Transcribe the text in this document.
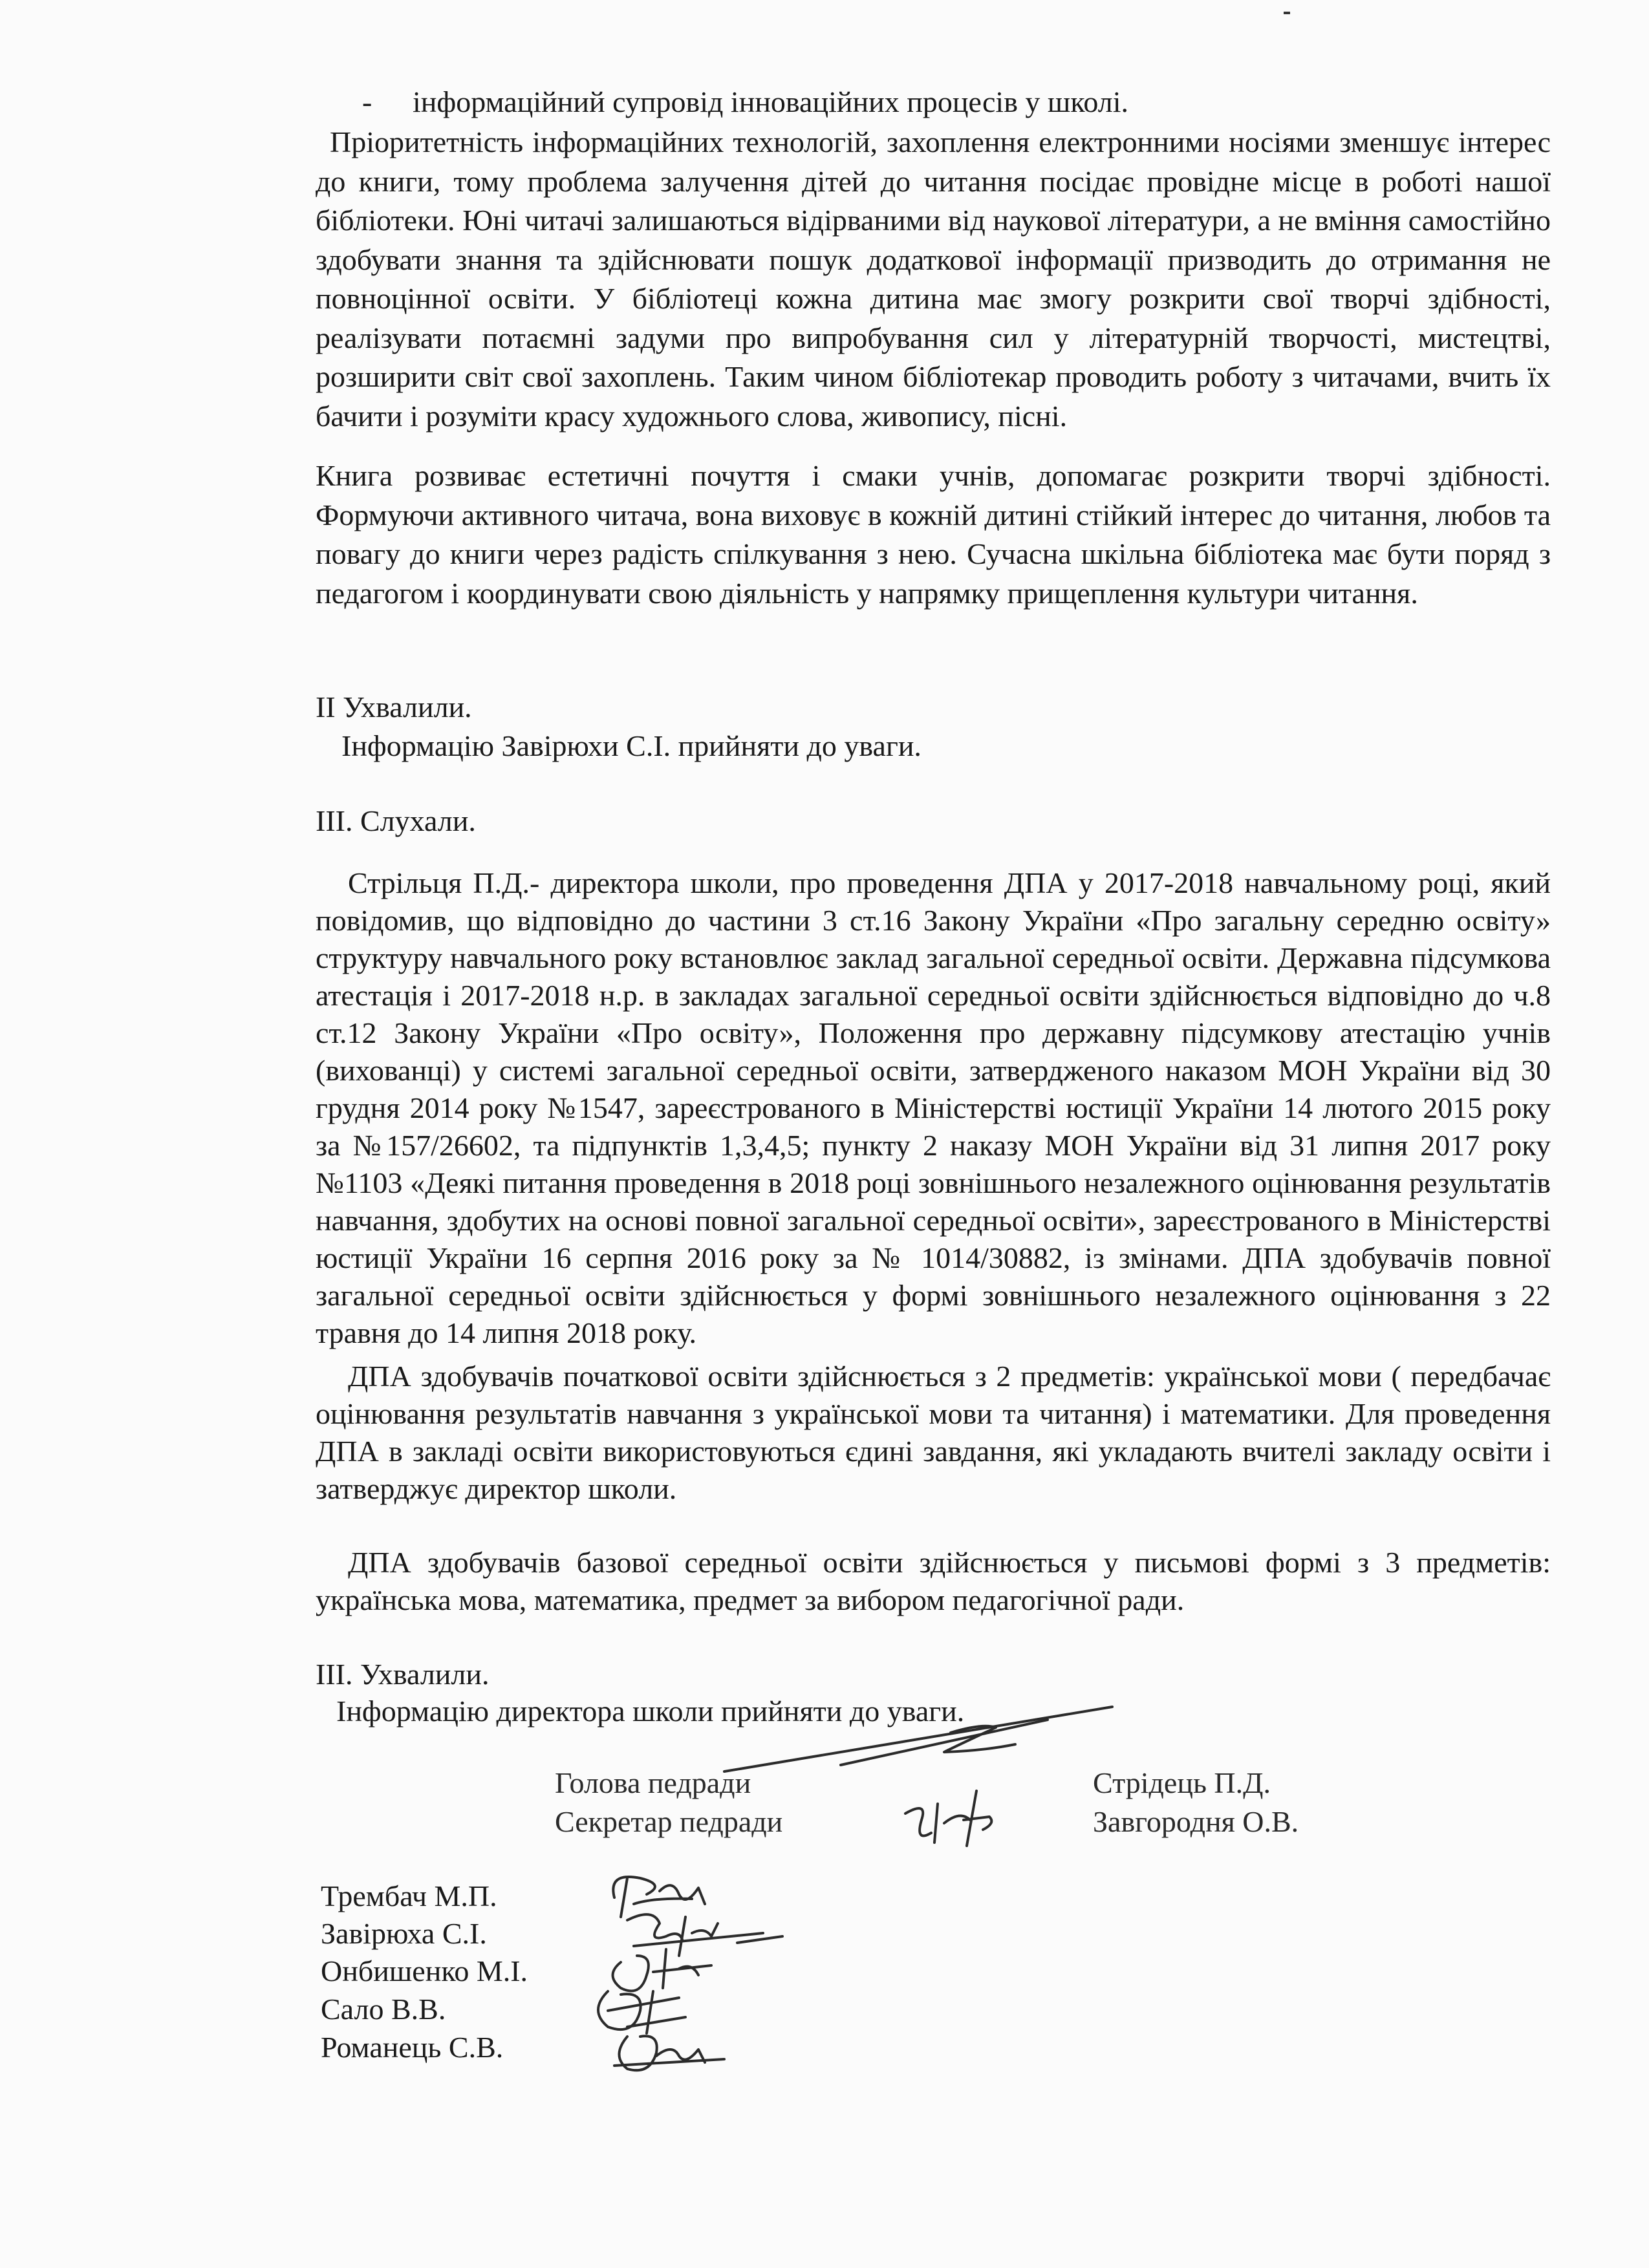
- інформаційний супровід інноваційних процесів у школі.

Пріоритетність інформаційних технологій, захоплення електронними носіями зменшує інтерес до книги, тому проблема залучення дітей до читання посідає провідне місце в роботі нашої бібліотеки. Юні читачі залишаються відірваними від наукової літератури, а не вміння самостійно здобувати знання та здійснювати пошук додаткової інформації призводить до отримання не повноцінної освіти. У бібліотеці кожна дитина має змогу розкрити свої творчі здібності, реалізувати потаємні задуми про випробування сил у літературній творчості, мистецтві, розширити світ свої захоплень. Таким чином бібліотекар проводить роботу з читачами, вчить їх бачити і розуміти красу художнього слова, живопису, пісні.

Книга розвиває естетичні почуття і смаки учнів, допомагає розкрити творчі здібності. Формуючи активного читача, вона виховує в кожній дитині стійкий інтерес до читання, любов та повагу до книги через радість спілкування з нею. Сучасна шкільна бібліотека має бути поряд з педагогом і координувати свою діяльність у напрямку прищеплення культури читання.

II Ухвалили.

Інформацію Завірюхи С.І. прийняти до уваги.

III. Слухали.

Стрільця П.Д.- директора школи, про проведення ДПА у 2017-2018 навчальному році, який повідомив, що відповідно до частини 3 ст.16 Закону України «Про загальну середню освіту» структуру навчального року встановлює заклад загальної середньої освіти. Державна підсумкова атестація і 2017-2018 н.р. в закладах загальної середньої освіти здійснюється відповідно до ч.8 ст.12 Закону України «Про освіту», Положення про державну підсумкову атестацію учнів (вихованці) у системі загальної середньої освіти, затвердженого наказом МОН України від 30 грудня 2014 року №1547, зареєстрованого в Міністерстві юстиції України 14 лютого 2015 року за №157/26602, та підпунктів 1,3,4,5; пункту 2 наказу МОН України від 31 липня 2017 року №1103 «Деякі питання проведення в 2018 році зовнішнього незалежного оцінювання результатів навчання, здобутих на основі повної загальної середньої освіти», зареєстрованого в Міністерстві юстиції України 16 серпня 2016 року за № 1014/30882, із змінами. ДПА здобувачів повної загальної середньої освіти здійснюється у формі зовнішнього незалежного оцінювання з 22 травня до 14 липня 2018 року.

ДПА здобувачів початкової освіти здійснюється з 2 предметів: української мови ( передбачає оцінювання результатів навчання з української мови та читання) і математики. Для проведення ДПА в закладі освіти використовуються єдині завдання, які укладають вчителі закладу освіти і затверджує директор школи.

ДПА здобувачів базової середньої освіти здійснюється у письмові формі з 3 предметів: українська мова, математика, предмет за вибором педагогічної ради.

III. Ухвалили.

Інформацію директора школи прийняти до уваги.

Голова педради	Стрідець П.Д.
Секретар педради	Завгородня О.В.
Трембач М.П.
Завірюха С.І.
Онбишенко М.І.
Сало В.В.
Романець С.В.
